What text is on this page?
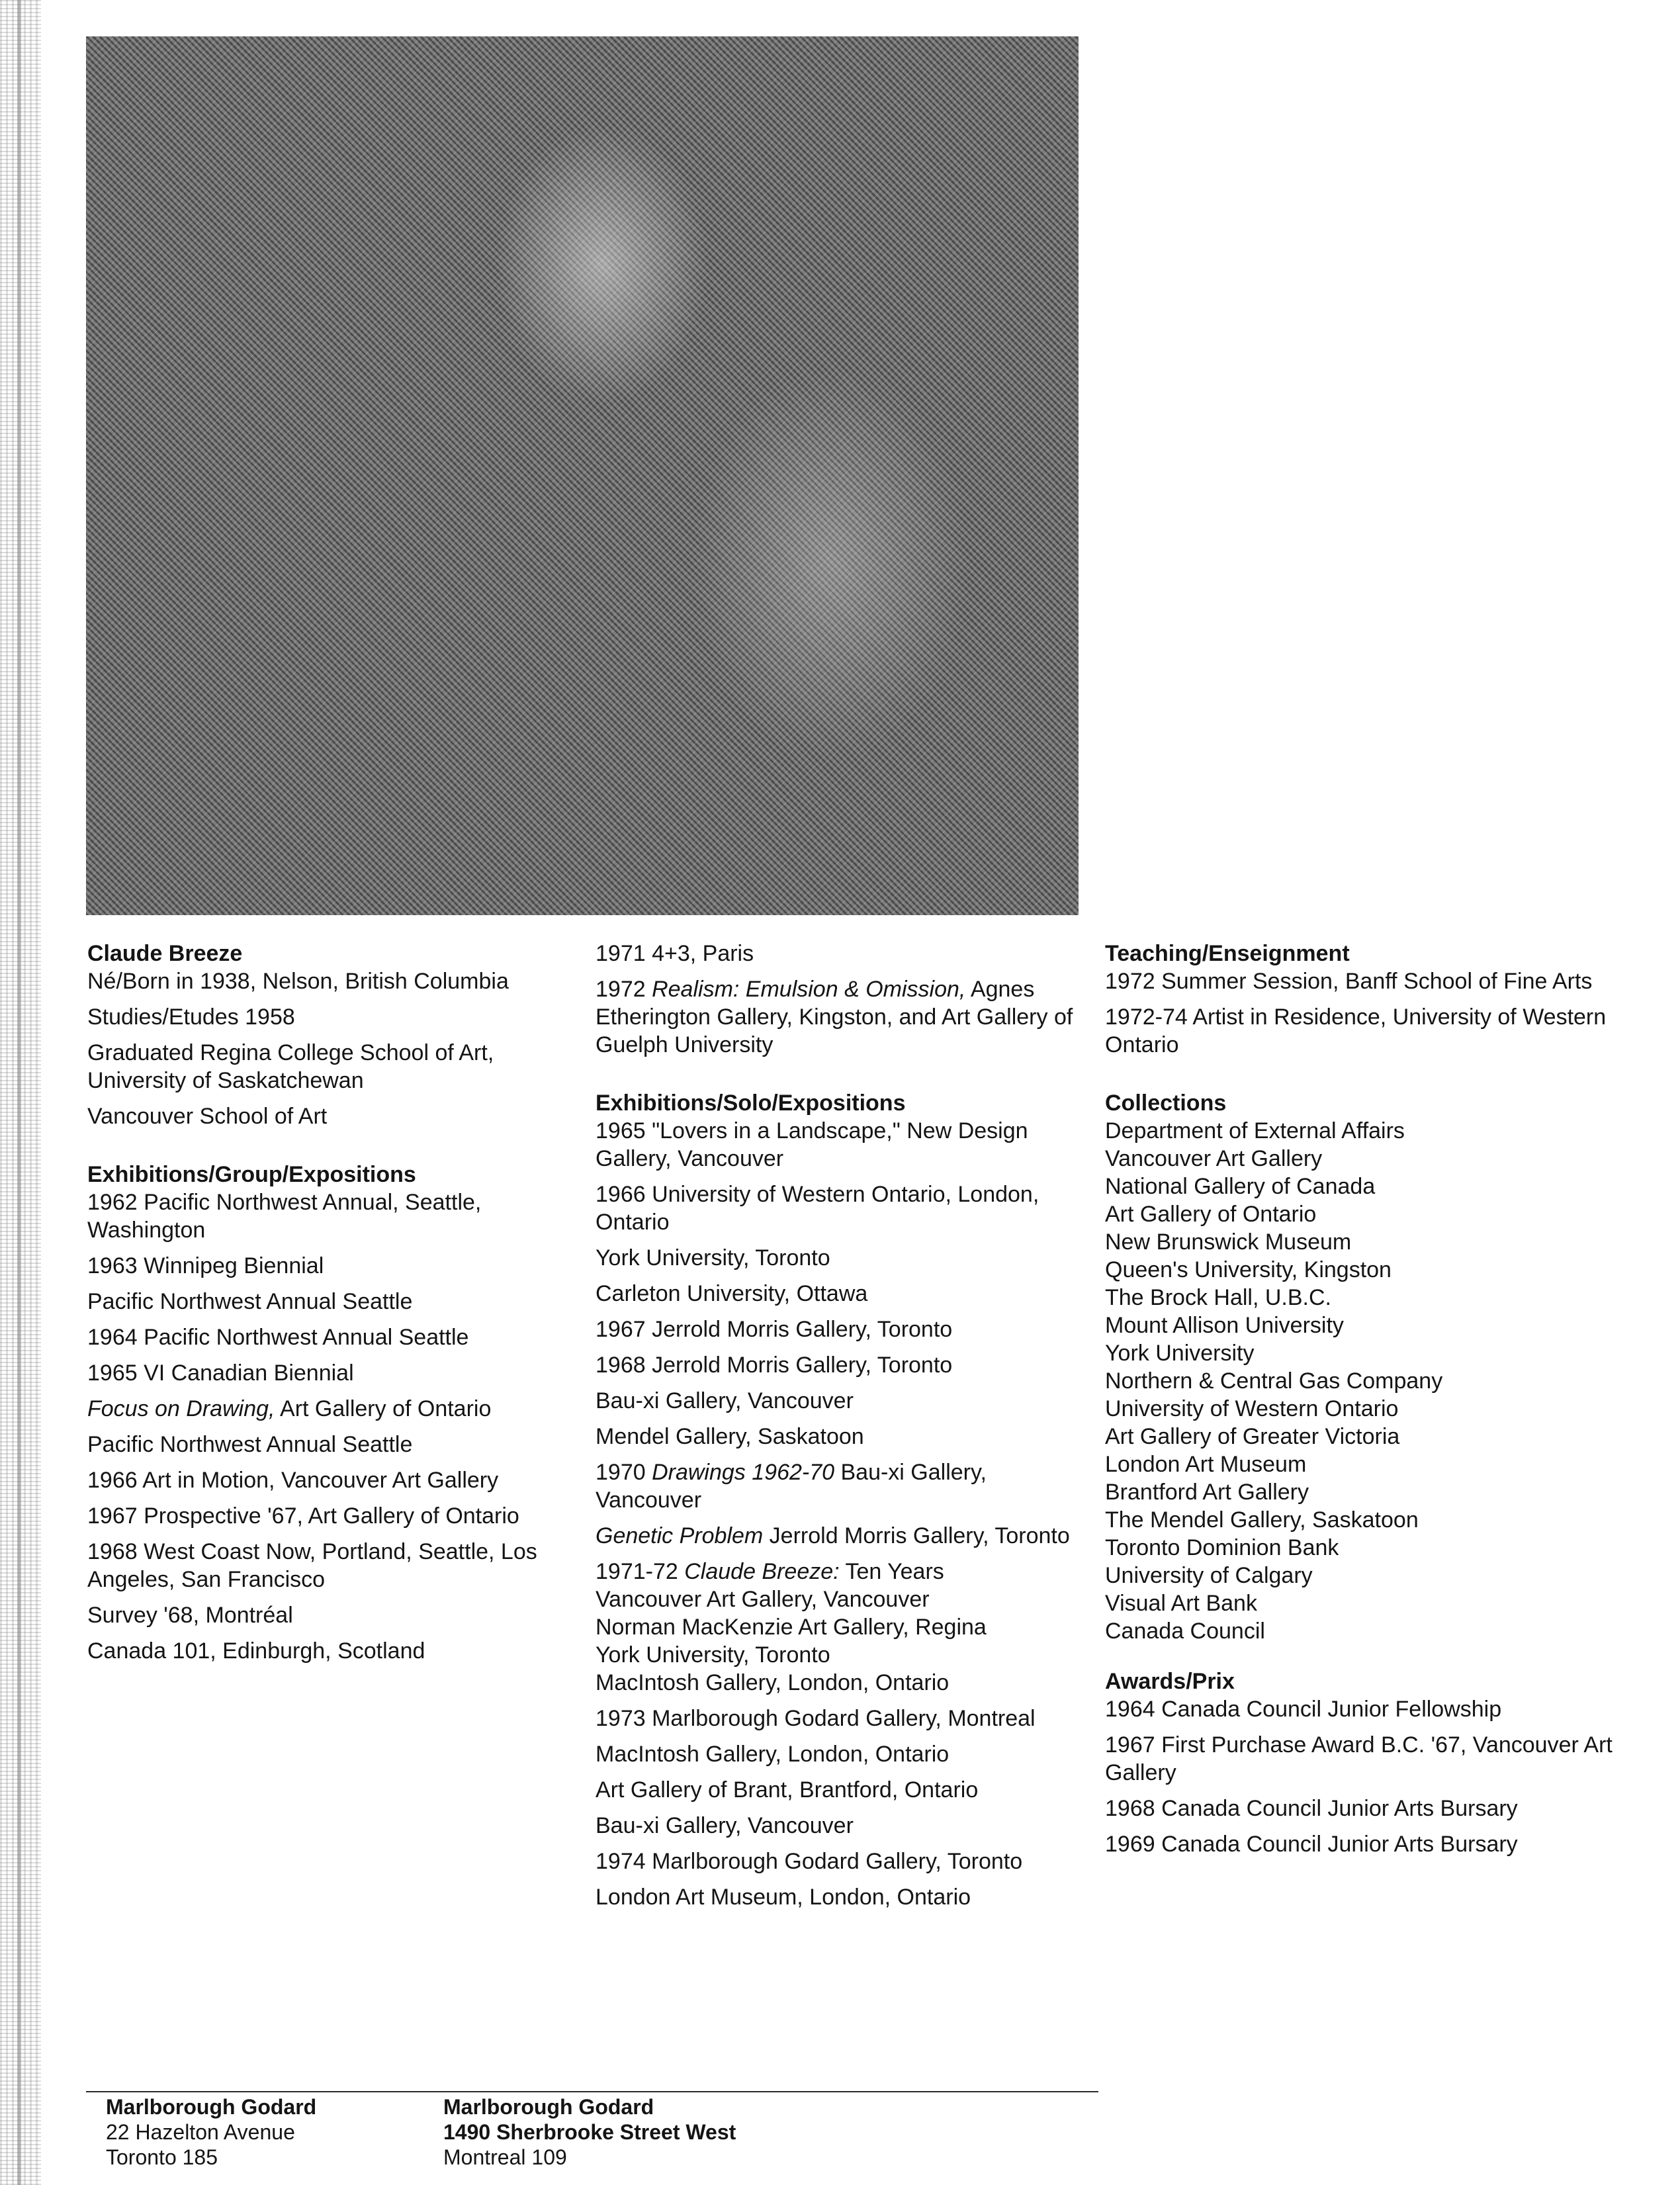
Claude Breeze

Né/Born in 1938, Nelson, British Columbia

Studies/Etudes 1958

Graduated Regina College School of Art, University of Saskatchewan

Vancouver School of Art

Exhibitions/Group/Expositions

1962 Pacific Northwest Annual, Seattle, Washington

1963 Winnipeg Biennial

Pacific Northwest Annual Seattle

1964 Pacific Northwest Annual Seattle

1965 VI Canadian Biennial

Focus on Drawing, Art Gallery of Ontario

Pacific Northwest Annual Seattle

1966 Art in Motion, Vancouver Art Gallery

1967 Prospective '67, Art Gallery of Ontario

1968 West Coast Now, Portland, Seattle, Los Angeles, San Francisco

Survey '68, Montréal

Canada 101, Edinburgh, Scotland

1971 4+3, Paris

1972 Realism: Emulsion & Omission, Agnes Etherington Gallery, Kingston, and Art Gallery of Guelph University

Exhibitions/Solo/Expositions

1965 "Lovers in a Landscape," New Design Gallery, Vancouver

1966 University of Western Ontario, London, Ontario

York University, Toronto

Carleton University, Ottawa

1967 Jerrold Morris Gallery, Toronto

1968 Jerrold Morris Gallery, Toronto

Bau-xi Gallery, Vancouver

Mendel Gallery, Saskatoon

1970 Drawings 1962-70 Bau-xi Gallery, Vancouver

Genetic Problem Jerrold Morris Gallery, Toronto

1971-72 Claude Breeze: Ten Years

Vancouver Art Gallery, Vancouver

Norman MacKenzie Art Gallery, Regina

York University, Toronto

MacIntosh Gallery, London, Ontario

1973 Marlborough Godard Gallery, Montreal

MacIntosh Gallery, London, Ontario

Art Gallery of Brant, Brantford, Ontario

Bau-xi Gallery, Vancouver

1974 Marlborough Godard Gallery, Toronto

London Art Museum, London, Ontario

Teaching/Enseignment

1972 Summer Session, Banff School of Fine Arts

1972-74 Artist in Residence, University of Western Ontario

Collections

Department of External Affairs

Vancouver Art Gallery

National Gallery of Canada

Art Gallery of Ontario

New Brunswick Museum

Queen's University, Kingston

The Brock Hall, U.B.C.

Mount Allison University

York University

Northern & Central Gas Company

University of Western Ontario

Art Gallery of Greater Victoria

London Art Museum

Brantford Art Gallery

The Mendel Gallery, Saskatoon

Toronto Dominion Bank

University of Calgary

Visual Art Bank

Canada Council

Awards/Prix

1964 Canada Council Junior Fellowship

1967 First Purchase Award B.C. '67, Vancouver Art Gallery

1968 Canada Council Junior Arts Bursary

1969 Canada Council Junior Arts Bursary

Marlborough Godard
22 Hazelton Avenue
Toronto 185
Marlborough Godard
1490 Sherbrooke Street West
Montreal 109
